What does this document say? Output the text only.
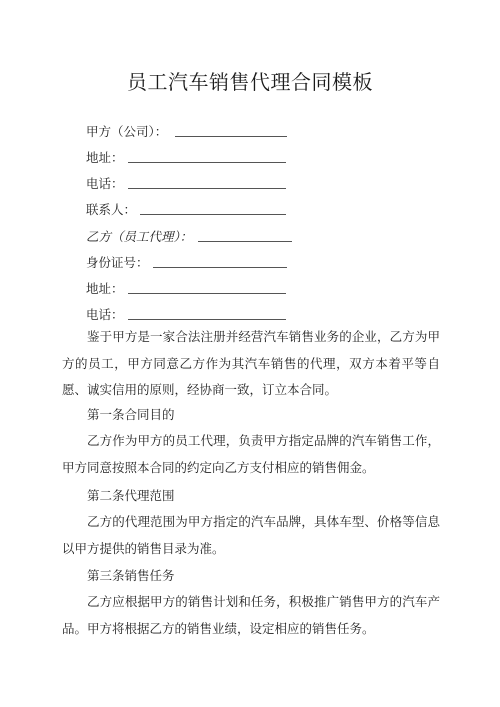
员工汽车销售代理合同模板
甲方（公司）：
地址：
电话：
联系人：
乙方（员工代理）：
身份证号：
地址：
电话：
鉴于甲方是一家合法注册并经营汽车销售业务的企业，乙方为甲方的员工，甲方同意乙方作为其汽车销售的代理，双方本着平等自愿、诚实信用的原则，经协商一致，订立本合同。
第一条合同目的
乙方作为甲方的员工代理，负责甲方指定品牌的汽车销售工作，甲方同意按照本合同的约定向乙方支付相应的销售佣金。
第二条代理范围
乙方的代理范围为甲方指定的汽车品牌，具体车型、价格等信息以甲方提供的销售目录为准。
第三条销售任务
乙方应根据甲方的销售计划和任务，积极推广销售甲方的汽车产品。甲方将根据乙方的销售业绩，设定相应的销售任务。
